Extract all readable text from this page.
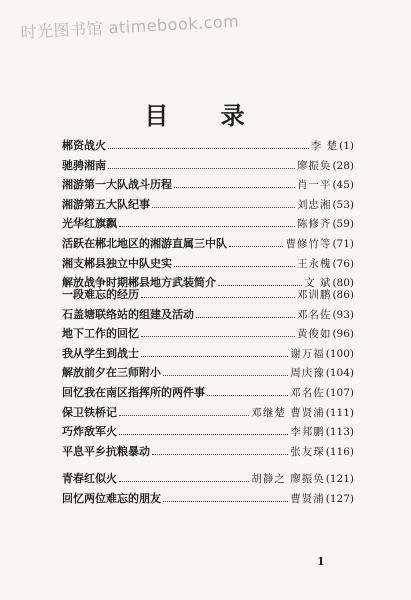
时光图书馆 atimebook.com
目 录
郴资战火	李 楚 (1)
驰骋湘南	廖振奂 (28)
湘游第一大队战斗历程	肖一平 (45)
湘游第五大队纪事	刘忠湘 (53)
光华红旗飘	陈修齐 (59)
活跃在郴北地区的湘游直属三中队	曹修竹等 (71)
湘支郴县独立中队史实	王永槐 (76)
解放战争时期郴县地方武装简介	文 斌 (80)
一段难忘的经历	邓训鹏 (86)
石盖塘联络站的组建及活动	邓名佐 (93)
地下工作的回忆	黄俊如 (96)
我从学生到战士	谢万福 (100)
解放前夕在三师附小	周庆豫 (104)
回忆我在南区指挥所的两件事	邓名佐 (107)
保卫铁桥记	邓继楚 曹贤浦 (111)
巧炸敌军火	李邦鹏 (113)
平息平乡抗粮暴动	张友琛 (116)
青春红似火	胡静之 廖振奂 (121)
回忆两位难忘的朋友	曹贤浦 (127)
1
